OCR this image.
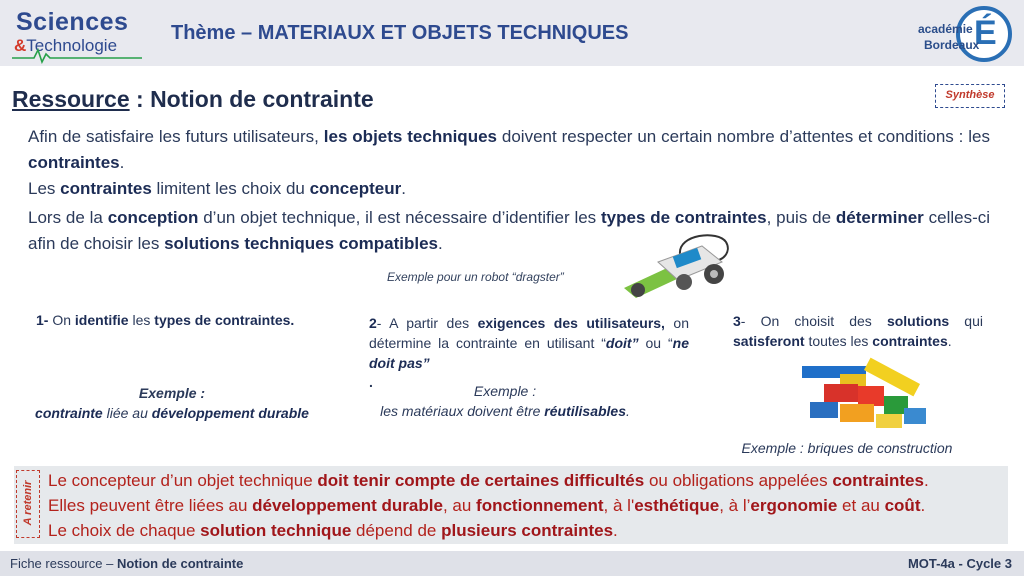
Sciences
&Technologie
Thème – MATERIAUX ET OBJETS TECHNIQUES	É
académie
Bordeaux
Ressource : Notion de contrainte	Synthèse
Afin de satisfaire les futurs utilisateurs, les objets techniques doivent respecter un certain nombre d’attentes et conditions : les contraintes.
Les contraintes limitent les choix du concepteur.
Lors de la conception d’un objet technique, il est nécessaire d’identifier les types de contraintes, puis de déterminer celles-ci afin de choisir les solutions techniques compatibles.
Exemple pour un robot “dragster”
1- On identifie les types de contraintes.	2- A partir des exigences des utilisateurs, on détermine la contrainte en utilisant “doit” ou “ne doit pas”
3- On choisit des solutions qui satisferont toutes les contraintes.
Exemple :
contrainte liée au développement durable
.
Exemple :
les matériaux doivent être réutilisables.
Exemple : briques de construction
A retenir
Le concepteur d’un objet technique doit tenir compte de certaines difficultés ou obligations appelées contraintes.
Elles peuvent être liées au développement durable, au fonctionnement, à l'esthétique, à l’ergonomie et au coût.
Le choix de chaque solution technique dépend de plusieurs contraintes.
Fiche ressource – Notion de contrainte	MOT-4a - Cycle 3
